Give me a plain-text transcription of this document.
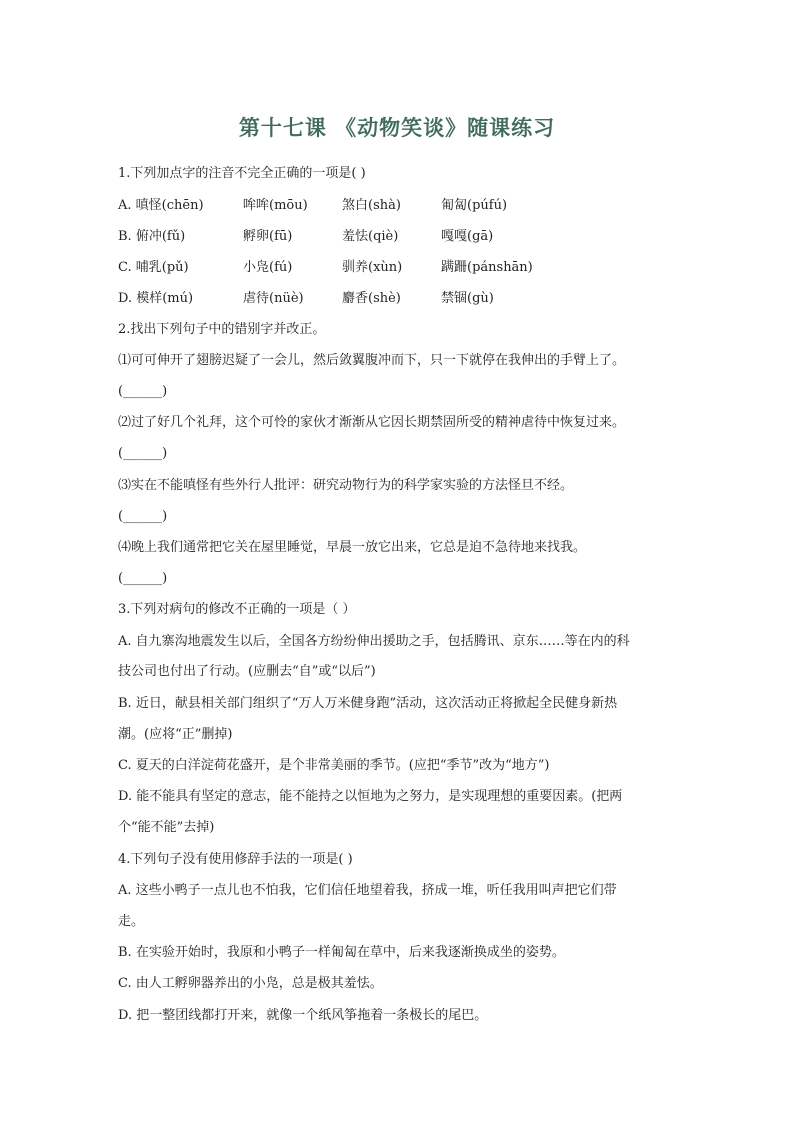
第十七课 《动物笑谈》随课练习
1.下列加点字的注音不完全正确的一项是( )
A. 嗔怪(chēn)	哞哞(mōu)	煞白(shà)	匍匐(púfú)
B. 俯冲(fǔ)	孵卵(fū)	羞怯(qiè)	嘎嘎(gā)
C. 哺乳(pǔ)	小凫(fú)	驯养(xùn)	蹒跚(pánshān)
D. 模样(mú)	虐待(nüè)	麝香(shè)	禁锢(gù)
2.找出下列句子中的错别字并改正。
⑴可可伸开了翅膀迟疑了一会儿，然后敛翼腹冲而下，只一下就停在我伸出的手臂上了。
(______)
⑵过了好几个礼拜，这个可怜的家伙才渐渐从它因长期禁固所受的精神虐待中恢复过来。
(______)
⑶实在不能嗔怪有些外行人批评：研究动物行为的科学家实验的方法怪旦不经。
(______)
⑷晚上我们通常把它关在屋里睡觉，早晨一放它出来，它总是迫不急待地来找我。
(______)
3.下列对病句的修改不正确的一项是（ ）
A. 自九寨沟地震发生以后，全国各方纷纷伸出援助之手，包括腾讯、京东……等在内的科
技公司也付出了行动。(应删去“自”或“以后”)
B. 近日，献县相关部门组织了“万人万米健身跑”活动，这次活动正将掀起全民健身新热
潮。(应将“正”删掉)
C. 夏天的白洋淀荷花盛开，是个非常美丽的季节。(应把“季节”改为“地方”)
D. 能不能具有坚定的意志，能不能持之以恒地为之努力，是实现理想的重要因素。(把两
个“能不能”去掉)
4.下列句子没有使用修辞手法的一项是( )
A. 这些小鸭子一点儿也不怕我，它们信任地望着我，挤成一堆，听任我用叫声把它们带
走。
B. 在实验开始时，我原和小鸭子一样匍匐在草中，后来我逐渐换成坐的姿势。
C. 由人工孵卵器养出的小凫，总是极其羞怯。
D. 把一整团线都打开来，就像一个纸风筝拖着一条极长的尾巴。
